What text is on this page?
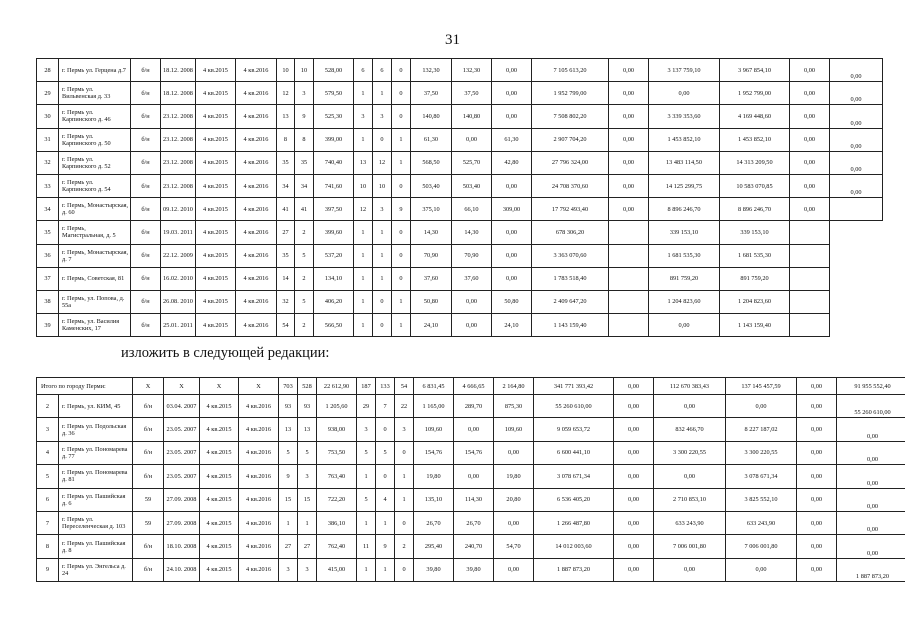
31
28	г. Пермь ул. Герцена д.7	б/н	18.12. 2008	4 кв.2015	4 кв.2016	10	10	528,00	6	6	0	132,30	132,30	0,00	7 105 613,20	0,00	3 137 759,10	3 967 854,10	0,00	0,00
29	г. Пермь ул. Вильвенская д. 33	б/н	18.12. 2008	4 кв.2015	4 кв.2016	12	3	579,50	1	1	0	37,50	37,50	0,00	1 952 799,00	0,00	0,00	1 952 799,00	0,00	0,00
30	г. Пермь ул. Карпинского д. 46	б/н	23.12. 2008	4 кв.2015	4 кв.2016	13	9	525,30	3	3	0	140,80	140,80	0,00	7 508 802,20	0,00	3 339 353,60	4 169 448,60	0,00	0,00
31	г. Пермь ул. Карпинского д. 50	б/н	23.12. 2008	4 кв.2015	4 кв.2016	8	8	399,00	1	0	1	61,30	0,00	61,30	2 907 704,20	0,00	1 453 852,10	1 453 852,10	0,00	0,00
32	г. Пермь ул. Карпинского д. 52	б/н	23.12. 2008	4 кв.2015	4 кв.2016	35	35	740,40	13	12	1	568,50	525,70	42,80	27 796 324,00	0,00	13 483 114,50	14 313 209,50	0,00	0,00
33	г. Пермь ул. Карпинского д. 54	б/н	23.12. 2008	4 кв.2015	4 кв.2016	34	34	741,60	10	10	0	503,40	503,40	0,00	24 708 370,60	0,00	14 125 299,75	10 583 070,85	0,00	0,00
34	г. Пермь, Монастырская, д. 60	б/н	09.12. 2010	4 кв.2015	4 кв.2016	41	41	397,50	12	3	9	375,10	66,10	309,00	17 792 493,40	0,00	8 896 246,70	8 896 246,70	0,00	
35	г. Пермь, Магистральная, д. 5	б/н	19.03. 2011	4 кв.2015	4 кв.2016	27	2	399,60	1	1	0	14,30	14,30	0,00	678 306,20		339 153,10	339 153,10		
36	г. Пермь, Монастырская, д. 7	б/н	22.12. 2009	4 кв.2015	4 кв.2016	35	5	537,20	1	1	0	70,90	70,90	0,00	3 363 070,60		1 681 535,30	1 681 535,30		
37	г. Пермь, Советская, 81	б/н	16.02. 2010	4 кв.2015	4 кв.2016	14	2	134,10	1	1	0	37,60	37,60	0,00	1 783 518,40		891 759,20	891 759,20		
38	г. Пермь, ул. Попова, д. 55а	б/н	26.08. 2010	4 кв.2015	4 кв.2016	32	5	406,20	1	0	1	50,80	0,00	50,80	2 409 647,20		1 204 823,60	1 204 823,60		
39	г. Пермь, ул. Василия Каменских, 17	б/н	25.01. 2011	4 кв.2015	4 кв.2016	54	2	566,50	1	0	1	24,10	0,00	24,10	1 143 159,40		0,00	1 143 159,40		
изложить в следующей редакции:
Итого по городу Перми:		X	X	X	X	703	528	22 612,90	187	133	54	6 831,45	4 666,65	2 164,80	341 771 393,42	0,00	112 670 383,43	137 145 457,59	0,00	91 955 552,40
2	г. Пермь, ул. КИМ, 45	б/н	03.04. 2007	4 кв.2015	4 кв.2016	93	93	1 205,60	29	7	22	1 165,00	289,70	875,30	55 260 610,00	0,00	0,00	0,00	0,00	55 260 610,00
3	г. Пермь ул. Подольская д. 36	б/н	23.05. 2007	4 кв.2015	4 кв.2016	13	13	938,00	3	0	3	109,60	0,00	109,60	9 059 653,72	0,00	832 466,70	8 227 187,02	0,00	0,00
4	г. Пермь ул. Пономарева д. 77	б/н	23.05. 2007	4 кв.2015	4 кв.2016	5	5	753,50	5	5	0	154,76	154,76	0,00	6 600 441,10	0,00	3 300 220,55	3 300 220,55	0,00	0,00
5	г. Пермь ул. Пономарева д. 81	б/н	23.05. 2007	4 кв.2015	4 кв.2016	9	3	763,40	1	0	1	19,80	0,00	19,80	3 078 671,34	0,00	0,00	3 078 671,34	0,00	0,00
6	г. Пермь ул. Пашийская д. 6	59	27.09. 2008	4 кв.2015	4 кв.2016	15	15	722,20	5	4	1	135,10	114,30	20,80	6 536 405,20	0,00	2 710 853,10	3 825 552,10	0,00	0,00
7	г. Пермь ул. Переселенческая д. 103	59	27.09. 2008	4 кв.2015	4 кв.2016	1	1	386,10	1	1	0	26,70	26,70	0,00	1 266 487,80	0,00	633 243,90	633 243,90	0,00	0,00
8	г. Пермь ул. Пашийская д. 8	б/н	18.10. 2008	4 кв.2015	4 кв.2016	27	27	762,40	11	9	2	295,40	240,70	54,70	14 012 003,60	0,00	7 006 001,80	7 006 001,80	0,00	0,00
9	г. Пермь ул. Энгельса д. 24	б/н	24.10. 2008	4 кв.2015	4 кв.2016	3	3	415,00	1	1	0	39,80	39,80	0,00	1 887 873,20	0,00	0,00	0,00	0,00	1 887 873,20
